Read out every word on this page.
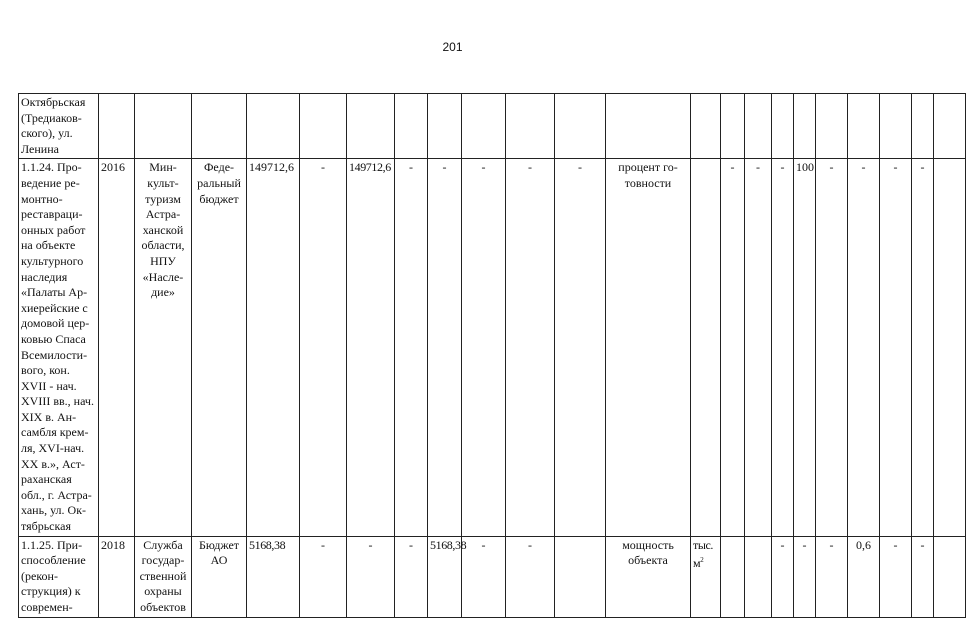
201
Октябрьская (Тредиаков-ского), ул. Ленина																						
1.1.24. Про-ведение ре-монтно-реставраци-онных работ на объекте культурного наследия «Палаты Ар-хиерейские с домовой цер-ковью Спаса Всемилости-вого, кон. XVII - нач. XVIII вв., нач. XIX в. Ан-самбля крем-ля, XVI-нач. XX в.», Аст-раханская обл., г. Астра-хань, ул. Ок-тябрьская	2016	Мин-культ-туризм Астра-ханской области, НПУ «Насле-дие»	Феде-ральный бюджет	149712,6	-	149712,6	-	-	-	-	-	процент го-товности		-	-	-	100	-	-	-	-	
1.1.25. При-способление (рекон-струкция) к современ-	2018	Служба государ-ственной охраны объектов	Бюджет АО	5168,38	-	-	-	5168,38	-	-		мощность объекта	тыс. $м^2$			-	-	-	0,6	-	-	
